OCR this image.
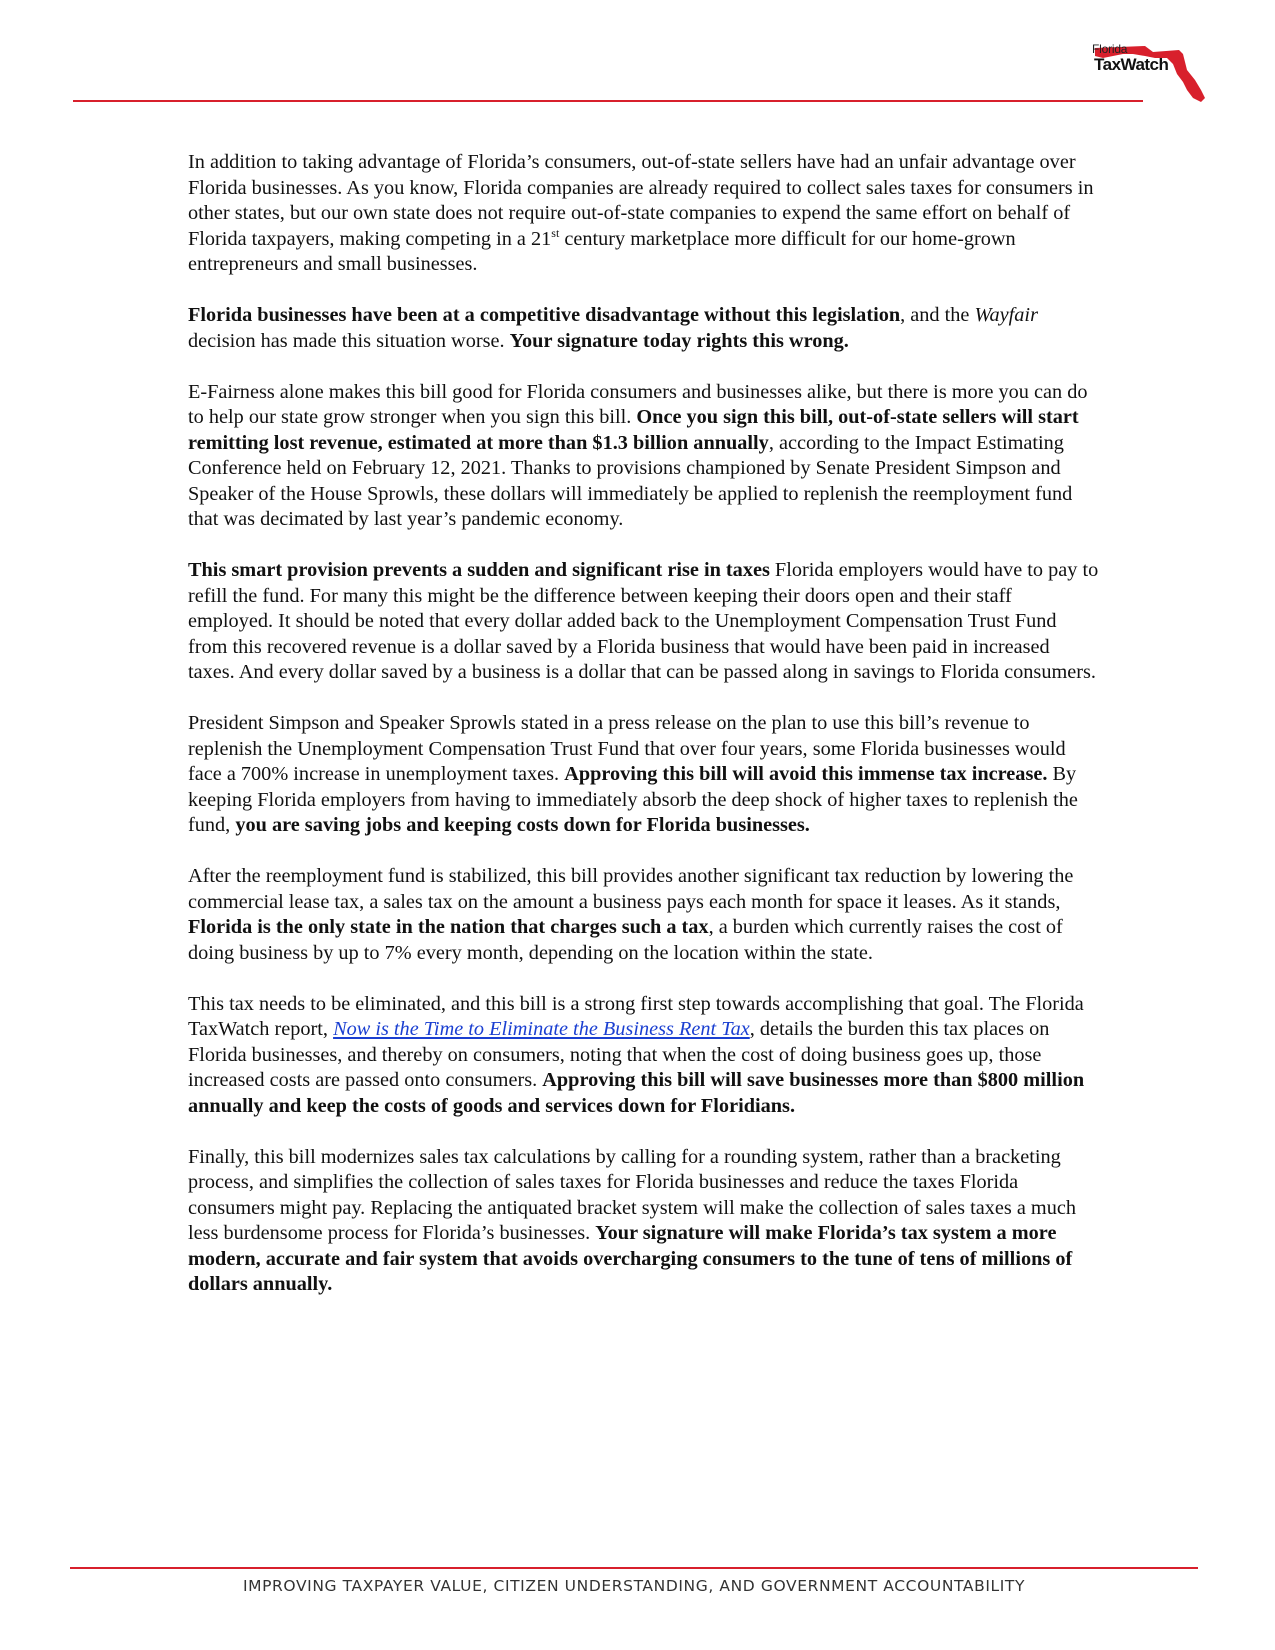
Florida
TaxWatch

In addition to taking advantage of Florida’s consumers, out-of-state sellers have had an unfair advantage over Florida businesses. As you know, Florida companies are already required to collect sales taxes for consumers in other states, but our own state does not require out-of-state companies to expend the same effort on behalf of Florida taxpayers, making competing in a 21st century marketplace more difficult for our home-grown entrepreneurs and small businesses.

Florida businesses have been at a competitive disadvantage without this legislation, and the Wayfair decision has made this situation worse. Your signature today rights this wrong.

E-Fairness alone makes this bill good for Florida consumers and businesses alike, but there is more you can do to help our state grow stronger when you sign this bill. Once you sign this bill, out-of-state sellers will start remitting lost revenue, estimated at more than $1.3 billion annually, according to the Impact Estimating Conference held on February 12, 2021. Thanks to provisions championed by Senate President Simpson and Speaker of the House Sprowls, these dollars will immediately be applied to replenish the reemployment fund that was decimated by last year’s pandemic economy.

This smart provision prevents a sudden and significant rise in taxes Florida employers would have to pay to refill the fund. For many this might be the difference between keeping their doors open and their staff employed. It should be noted that every dollar added back to the Unemployment Compensation Trust Fund from this recovered revenue is a dollar saved by a Florida business that would have been paid in increased taxes. And every dollar saved by a business is a dollar that can be passed along in savings to Florida consumers.

President Simpson and Speaker Sprowls stated in a press release on the plan to use this bill’s revenue to replenish the Unemployment Compensation Trust Fund that over four years, some Florida businesses would face a 700% increase in unemployment taxes. Approving this bill will avoid this immense tax increase. By keeping Florida employers from having to immediately absorb the deep shock of higher taxes to replenish the fund, you are saving jobs and keeping costs down for Florida businesses.

After the reemployment fund is stabilized, this bill provides another significant tax reduction by lowering the commercial lease tax, a sales tax on the amount a business pays each month for space it leases. As it stands, Florida is the only state in the nation that charges such a tax, a burden which currently raises the cost of doing business by up to 7% every month, depending on the location within the state.

This tax needs to be eliminated, and this bill is a strong first step towards accomplishing that goal. The Florida TaxWatch report, Now is the Time to Eliminate the Business Rent Tax, details the burden this tax places on Florida businesses, and thereby on consumers, noting that when the cost of doing business goes up, those increased costs are passed onto consumers. Approving this bill will save businesses more than $800 million annually and keep the costs of goods and services down for Floridians.

Finally, this bill modernizes sales tax calculations by calling for a rounding system, rather than a bracketing process, and simplifies the collection of sales taxes for Florida businesses and reduce the taxes Florida consumers might pay. Replacing the antiquated bracket system will make the collection of sales taxes a much less burdensome process for Florida’s businesses. Your signature will make Florida’s tax system a more modern, accurate and fair system that avoids overcharging consumers to the tune of tens of millions of dollars annually.

IMPROVING TAXPAYER VALUE, CITIZEN UNDERSTANDING, AND GOVERNMENT ACCOUNTABILITY
